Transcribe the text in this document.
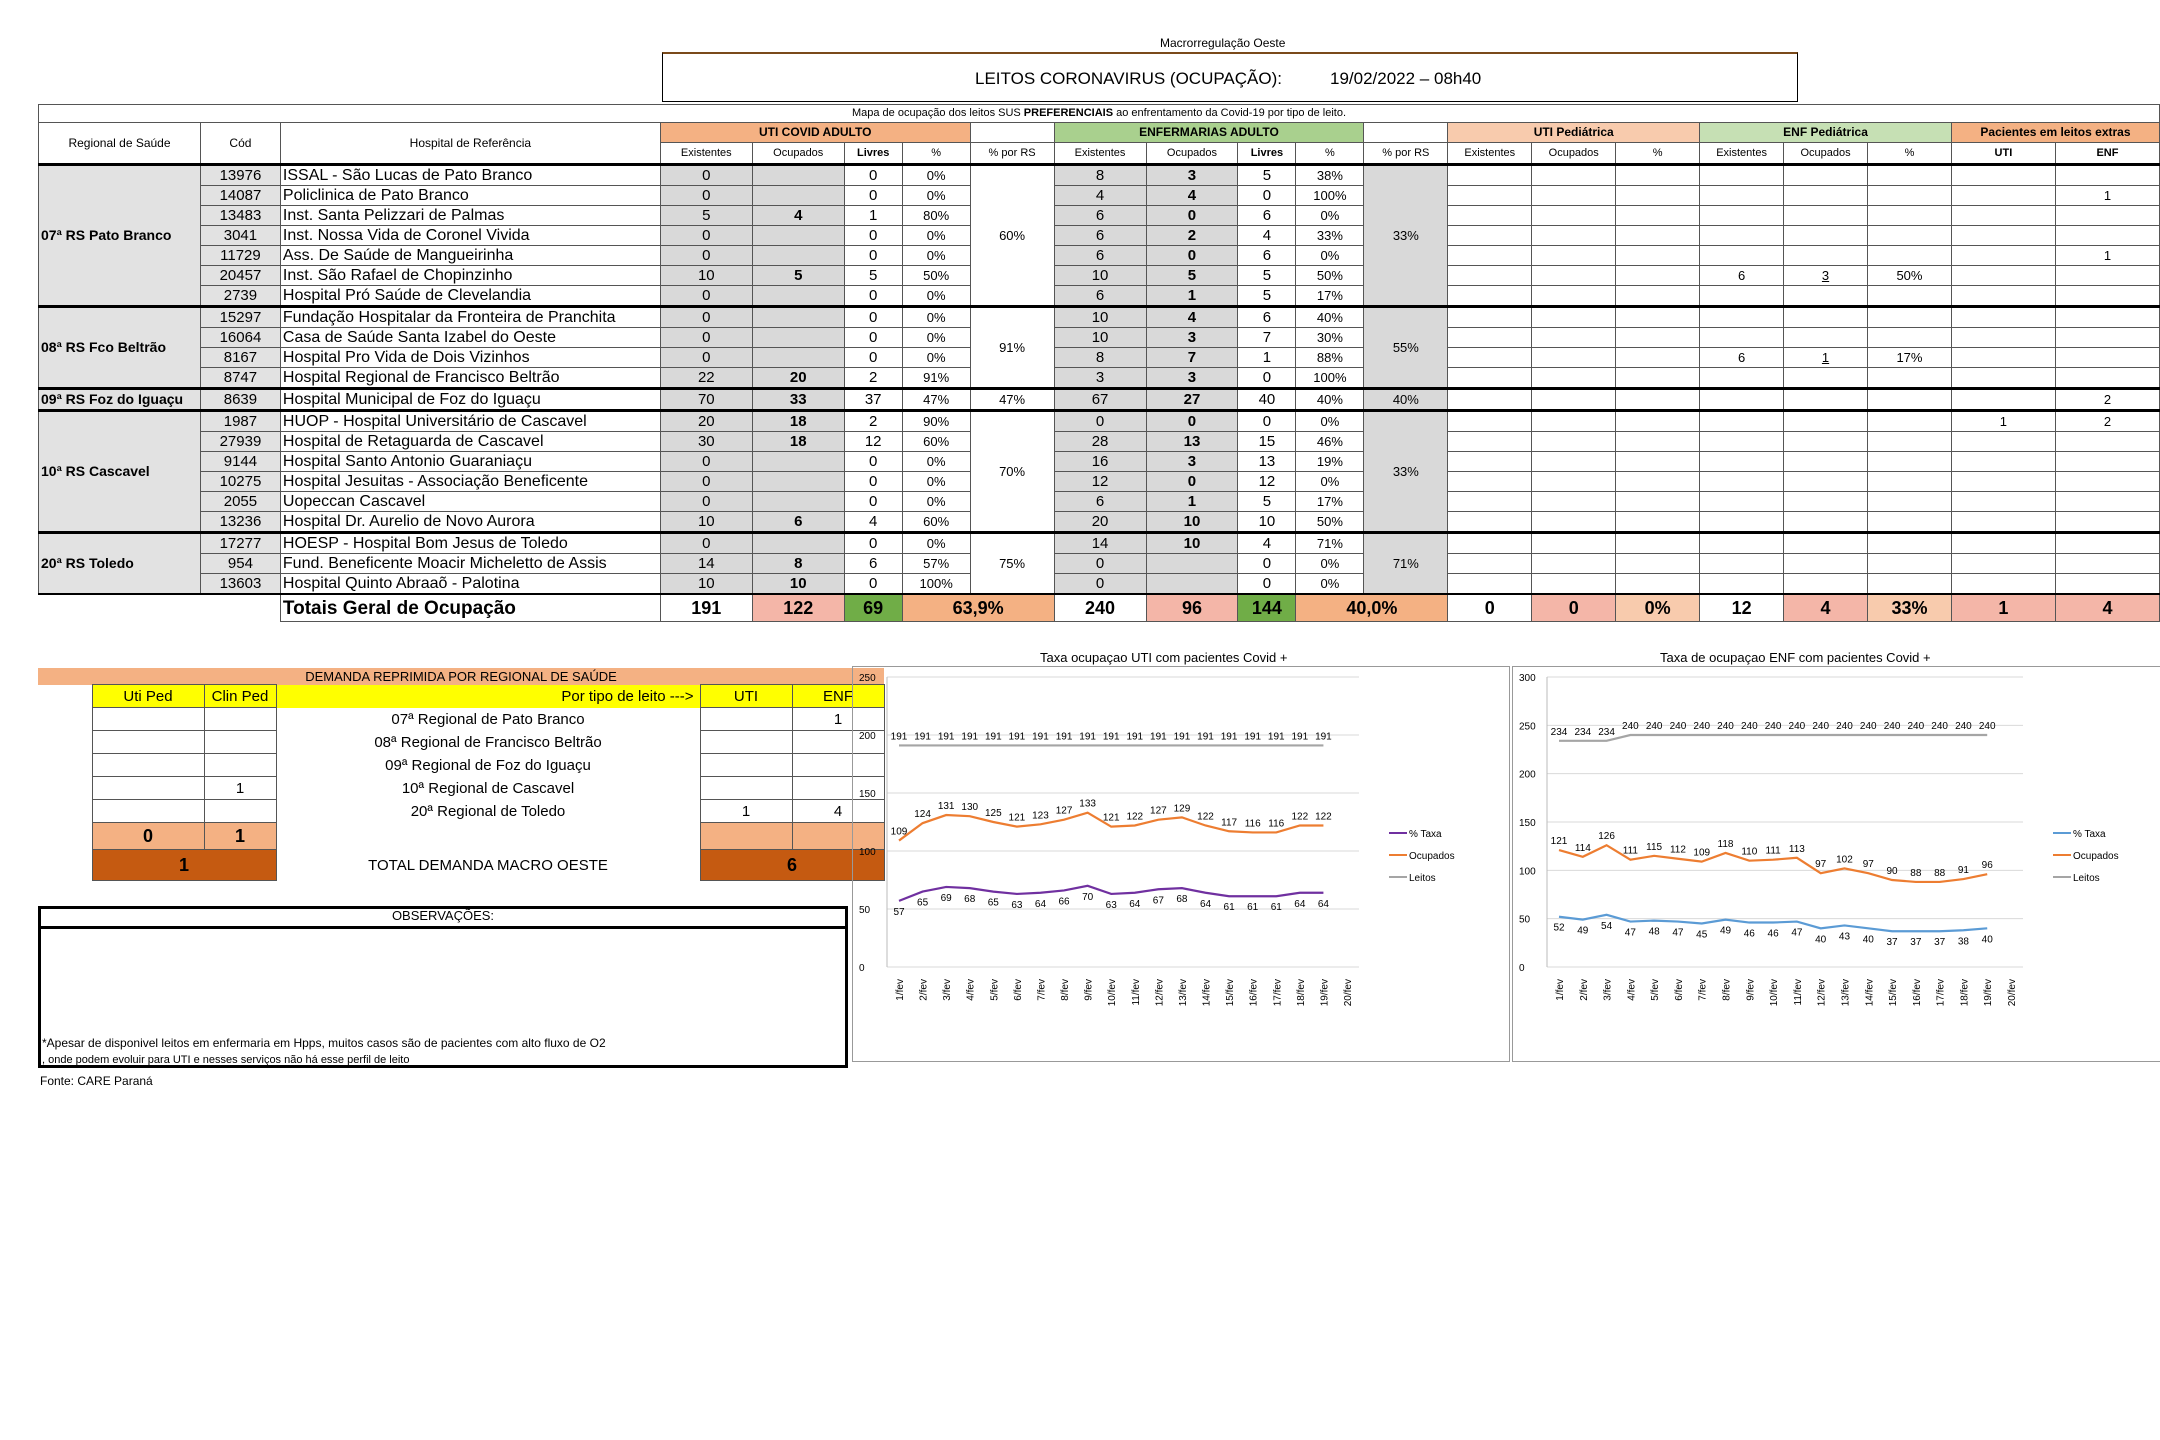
Macrorregulação Oeste
LEITOS CORONAVIRUS (OCUPAÇÃO):	19/02/2022 – 08h40
Mapa de ocupação dos leitos SUS PREFERENCIAIS ao enfrentamento da Covid-19 por tipo de leito.																				
Regional de Saúde	Cód	Hospital de Referência	UTI COVID ADULTO					ENFERMARIAS ADULTO					UTI Pediátrica			ENF Pediátrica			Pacientes em leitos extras	
			Existentes	Ocupados	Livres	%	% por RS	Existentes	Ocupados	Livres	%	% por RS	Existentes	Ocupados	%	Existentes	Ocupados	%	UTI	ENF
07ª RS Pato Branco	13976	ISSAL - São Lucas de Pato Branco	0		0	0%	60%	8	3	5	38%	33%								
	14087	Policlinica de Pato Branco	0		0	0%		4	4	0	100%									1
	13483	Inst. Santa Pelizzari de Palmas	5	4	1	80%		6	0	6	0%									
	3041	Inst. Nossa Vida de Coronel Vivida	0		0	0%		6	2	4	33%									
	11729	Ass. De Saúde de Mangueirinha	0		0	0%		6	0	6	0%									1
	20457	Inst. São Rafael de Chopinzinho	10	5	5	50%		10	5	5	50%					6	3	50%		
	2739	Hospital Pró Saúde de Clevelandia	0		0	0%		6	1	5	17%									
08ª RS Fco Beltrão	15297	Fundação Hospitalar da Fronteira de Pranchita	0		0	0%	91%	10	4	6	40%	55%								
	16064	Casa de Saúde Santa Izabel do Oeste	0		0	0%		10	3	7	30%									
	8167	Hospital Pro Vida de Dois Vizinhos	0		0	0%		8	7	1	88%					6	1	17%		
	8747	Hospital Regional de Francisco Beltrão	22	20	2	91%		3	3	0	100%									
09ª RS Foz do Iguaçu	8639	Hospital Municipal de Foz do Iguaçu	70	33	37	47%	47%	67	27	40	40%	40%								2
10ª RS Cascavel	1987	HUOP - Hospital Universitário de Cascavel	20	18	2	90%	70%	0	0	0	0%	33%							1	2
	27939	Hospital de Retaguarda de Cascavel	30	18	12	60%		28	13	15	46%									
	9144	Hospital Santo Antonio Guaraniaçu	0		0	0%		16	3	13	19%									
	10275	Hospital Jesuitas - Associação Beneficente	0		0	0%		12	0	12	0%									
	2055	Uopeccan Cascavel	0		0	0%		6	1	5	17%									
	13236	Hospital Dr. Aurelio de Novo Aurora	10	6	4	60%		20	10	10	50%									
20ª RS Toledo	17277	HOESP - Hospital Bom Jesus de Toledo	0		0	0%	75%	14	10	4	71%	71%								
	954	Fund. Beneficente Moacir Micheletto de Assis	14	8	6	57%		0		0	0%									
	13603	Hospital Quinto Abraaõ - Palotina	10	10	0	100%		0		0	0%									
		Totais Geral de Ocupação	191	122	69	63,9%		240	96	144	40,0%		0	0	0%	12	4	33%	1	4
DEMANDA REPRIMIDA POR REGIONAL DE SAÚDE					
	Uti Ped	Clin Ped	Por tipo de leito --->	UTI	ENF
			07ª Regional de Pato Branco		1
			08ª Regional de Francisco Beltrão		
			09ª Regional de Foz do Iguaçu		
		1	10ª Regional de Cascavel		
			20ª Regional de Toledo	1	4
	0	1			
	1		TOTAL DEMANDA MACRO OESTE	6	
OBSERVAÇÕES:
*Apesar de disponivel leitos em enfermaria em Hpps, muitos casos são de pacientes com alto fluxo de O2
, onde podem evoluir para UTI e nesses serviços não há esse perfil de leito
Fonte: CARE Paraná
0
50
100
150
200
250
1/fev 2/fev 3/fev 4/fev 5/fev 6/fev 7/fev 8/fev 9/fev 10/fev 11/fev 12/fev 13/fev 14/fev 15/fev 16/fev 17/fev 18/fev 19/fev 20/fev
57
65 69 68 65 63 64 66 70
63 64 67 68 64 61 61 61 64 64
% Taxa
109
124
131 130
125 121 123 127
133
121 122
127 129
122
117 116 116
122 122
Ocupados
191 191 191 191 191 191 191 191 191 191 191 191 191 191 191 191 191 191 191
Leitos
0
50
100
150
200
250
300
1/fev 2/fev 3/fev 4/fev 5/fev 6/fev 7/fev 8/fev 9/fev 10/fev 11/fev 12/fev 13/fev 14/fev 15/fev 16/fev 17/fev 18/fev 19/fev 20/fev
52 49 54
47 48 47 45 49 46 46 47
40 43 40 37 37 37 38 40
% Taxa
121
114
126
111 115 112 109
118
110 111 113
97 102 97
90 88 88 91 96
Ocupados
234 234 234
240 240 240 240 240 240 240 240 240 240 240 240 240 240 240 240
Leitos
Taxa ocupaçao UTI com pacientes Covid +	Taxa de ocupaçao ENF com pacientes Covid +
